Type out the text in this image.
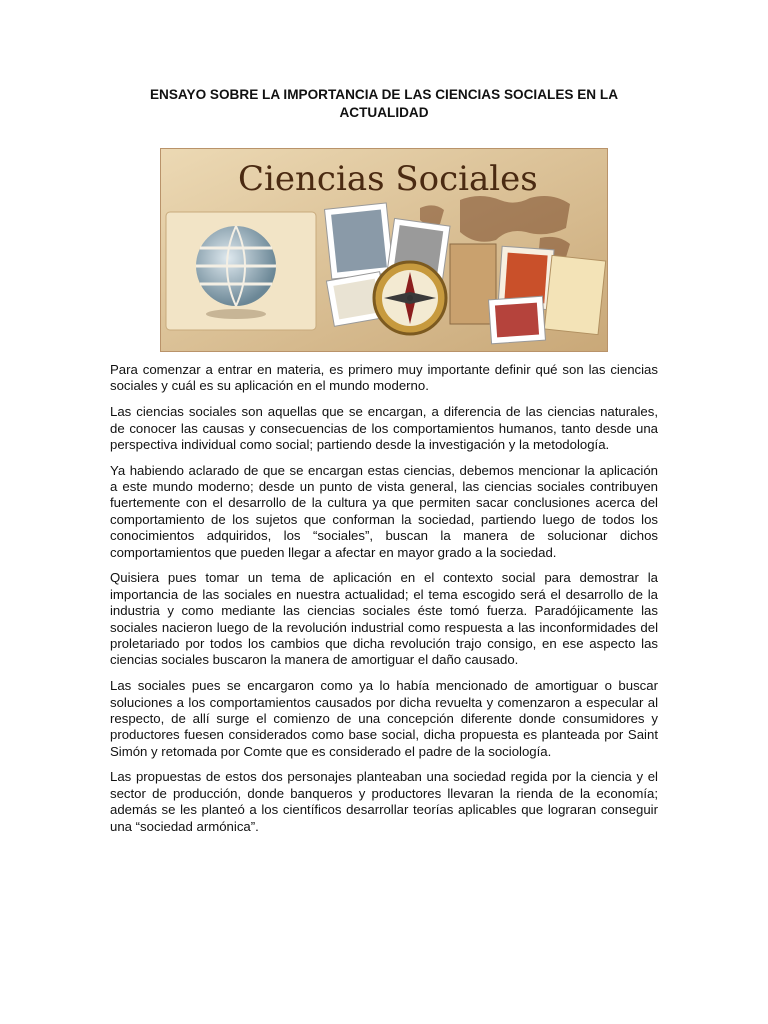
ENSAYO SOBRE LA IMPORTANCIA DE LAS CIENCIAS SOCIALES EN LA ACTUALIDAD
Ciencias Sociales

Para comenzar a entrar en materia, es primero muy importante definir qué son las ciencias sociales y cuál es su aplicación en el mundo moderno.

Las ciencias sociales son aquellas que se encargan, a diferencia de las ciencias naturales, de conocer las causas y consecuencias de los comportamientos humanos, tanto desde una perspectiva individual como social; partiendo desde la investigación y la metodología.

Ya habiendo aclarado de que se encargan estas ciencias, debemos mencionar la aplicación a este mundo moderno; desde un punto de vista general, las ciencias sociales contribuyen fuertemente con el desarrollo de la cultura ya que permiten sacar conclusiones acerca del comportamiento de los sujetos que conforman la sociedad, partiendo luego de todos los conocimientos adquiridos, los “sociales”, buscan la manera de solucionar dichos comportamientos que pueden llegar a afectar en mayor grado a la sociedad.

Quisiera pues tomar un tema de aplicación en el contexto social para demostrar la importancia de las sociales en nuestra actualidad; el tema escogido será el desarrollo de la industria y como mediante las ciencias sociales éste tomó fuerza. Paradójicamente las sociales nacieron luego de la revolución industrial como respuesta a las inconformidades del proletariado por todos los cambios que dicha revolución trajo consigo, en ese aspecto las ciencias sociales buscaron la manera de amortiguar el daño causado.

Las sociales pues se encargaron como ya lo había mencionado de amortiguar o buscar soluciones a los comportamientos causados por dicha revuelta y comenzaron a especular al respecto, de allí surge el comienzo de una concepción diferente donde consumidores y productores fuesen considerados como base social, dicha propuesta es planteada por Saint Simón y retomada por Comte que es considerado el padre de la sociología.

Las propuestas de estos dos personajes planteaban una sociedad regida por la ciencia y el sector de producción, donde banqueros y productores llevaran la rienda de la economía; además se les planteó a los científicos desarrollar teorías aplicables que lograran conseguir una “sociedad armónica”.
